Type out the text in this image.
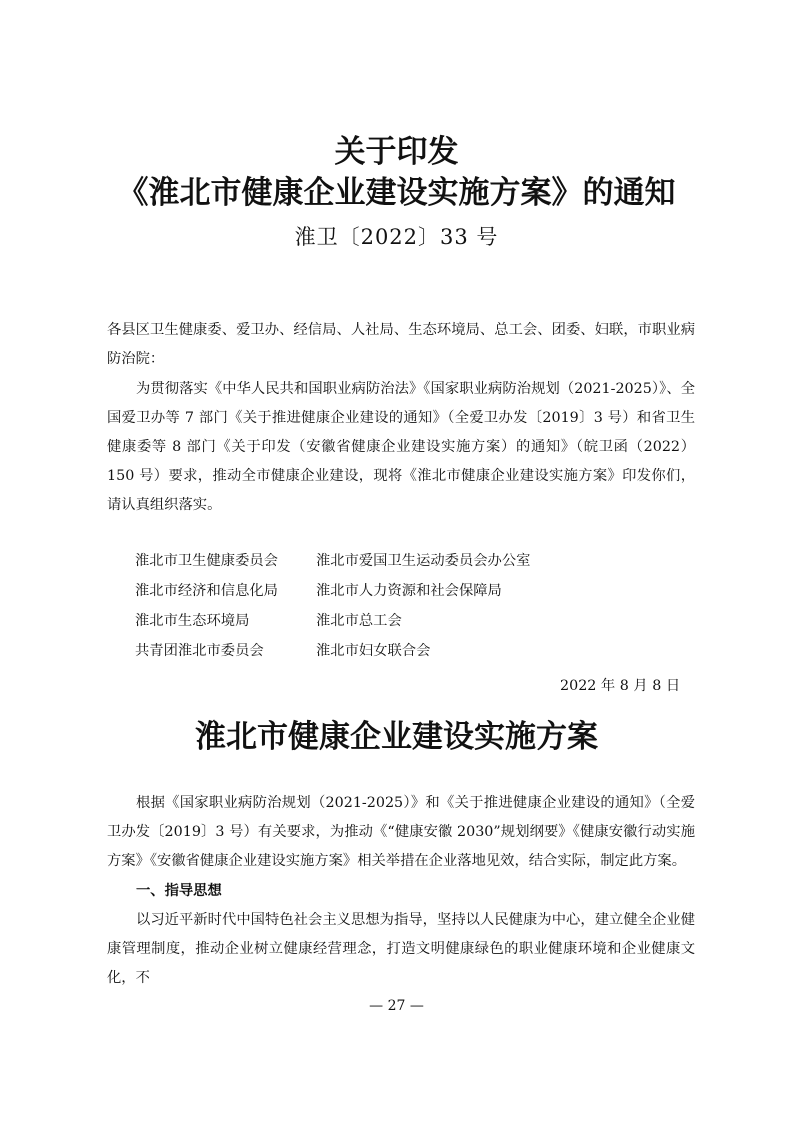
关于印发
《淮北市健康企业建设实施方案》的通知
淮卫〔2022〕33 号

各县区卫生健康委、爱卫办、经信局、人社局、生态环境局、总工会、团委、妇联，市职业病防治院：

为贯彻落实《中华人民共和国职业病防治法》《国家职业病防治规划（2021-2025）》、全国爱卫办等 7 部门《关于推进健康企业建设的通知》（全爱卫办发〔2019〕3 号）和省卫生健康委等 8 部门《关于印发（安徽省健康企业建设实施方案）的通知》（皖卫函（2022）150 号）要求，推动全市健康企业建设，现将《淮北市健康企业建设实施方案》印发你们，请认真组织落实。

淮北市卫生健康委员会	淮北市爱国卫生运动委员会办公室
淮北市经济和信息化局	淮北市人力资源和社会保障局
淮北市生态环境局	淮北市总工会
共青团淮北市委员会	淮北市妇女联合会
2022 年 8 月 8 日
淮北市健康企业建设实施方案

根据《国家职业病防治规划（2021-2025）》和《关于推进健康企业建设的通知》（全爱卫办发〔2019〕3 号）有关要求，为推动《“健康安徽 2030”规划纲要》《健康安徽行动实施方案》《安徽省健康企业建设实施方案》相关举措在企业落地见效，结合实际，制定此方案。

一、指导思想

以习近平新时代中国特色社会主义思想为指导，坚持以人民健康为中心，建立健全企业健康管理制度，推动企业树立健康经营理念，打造文明健康绿色的职业健康环境和企业健康文化，不

— 27 —
